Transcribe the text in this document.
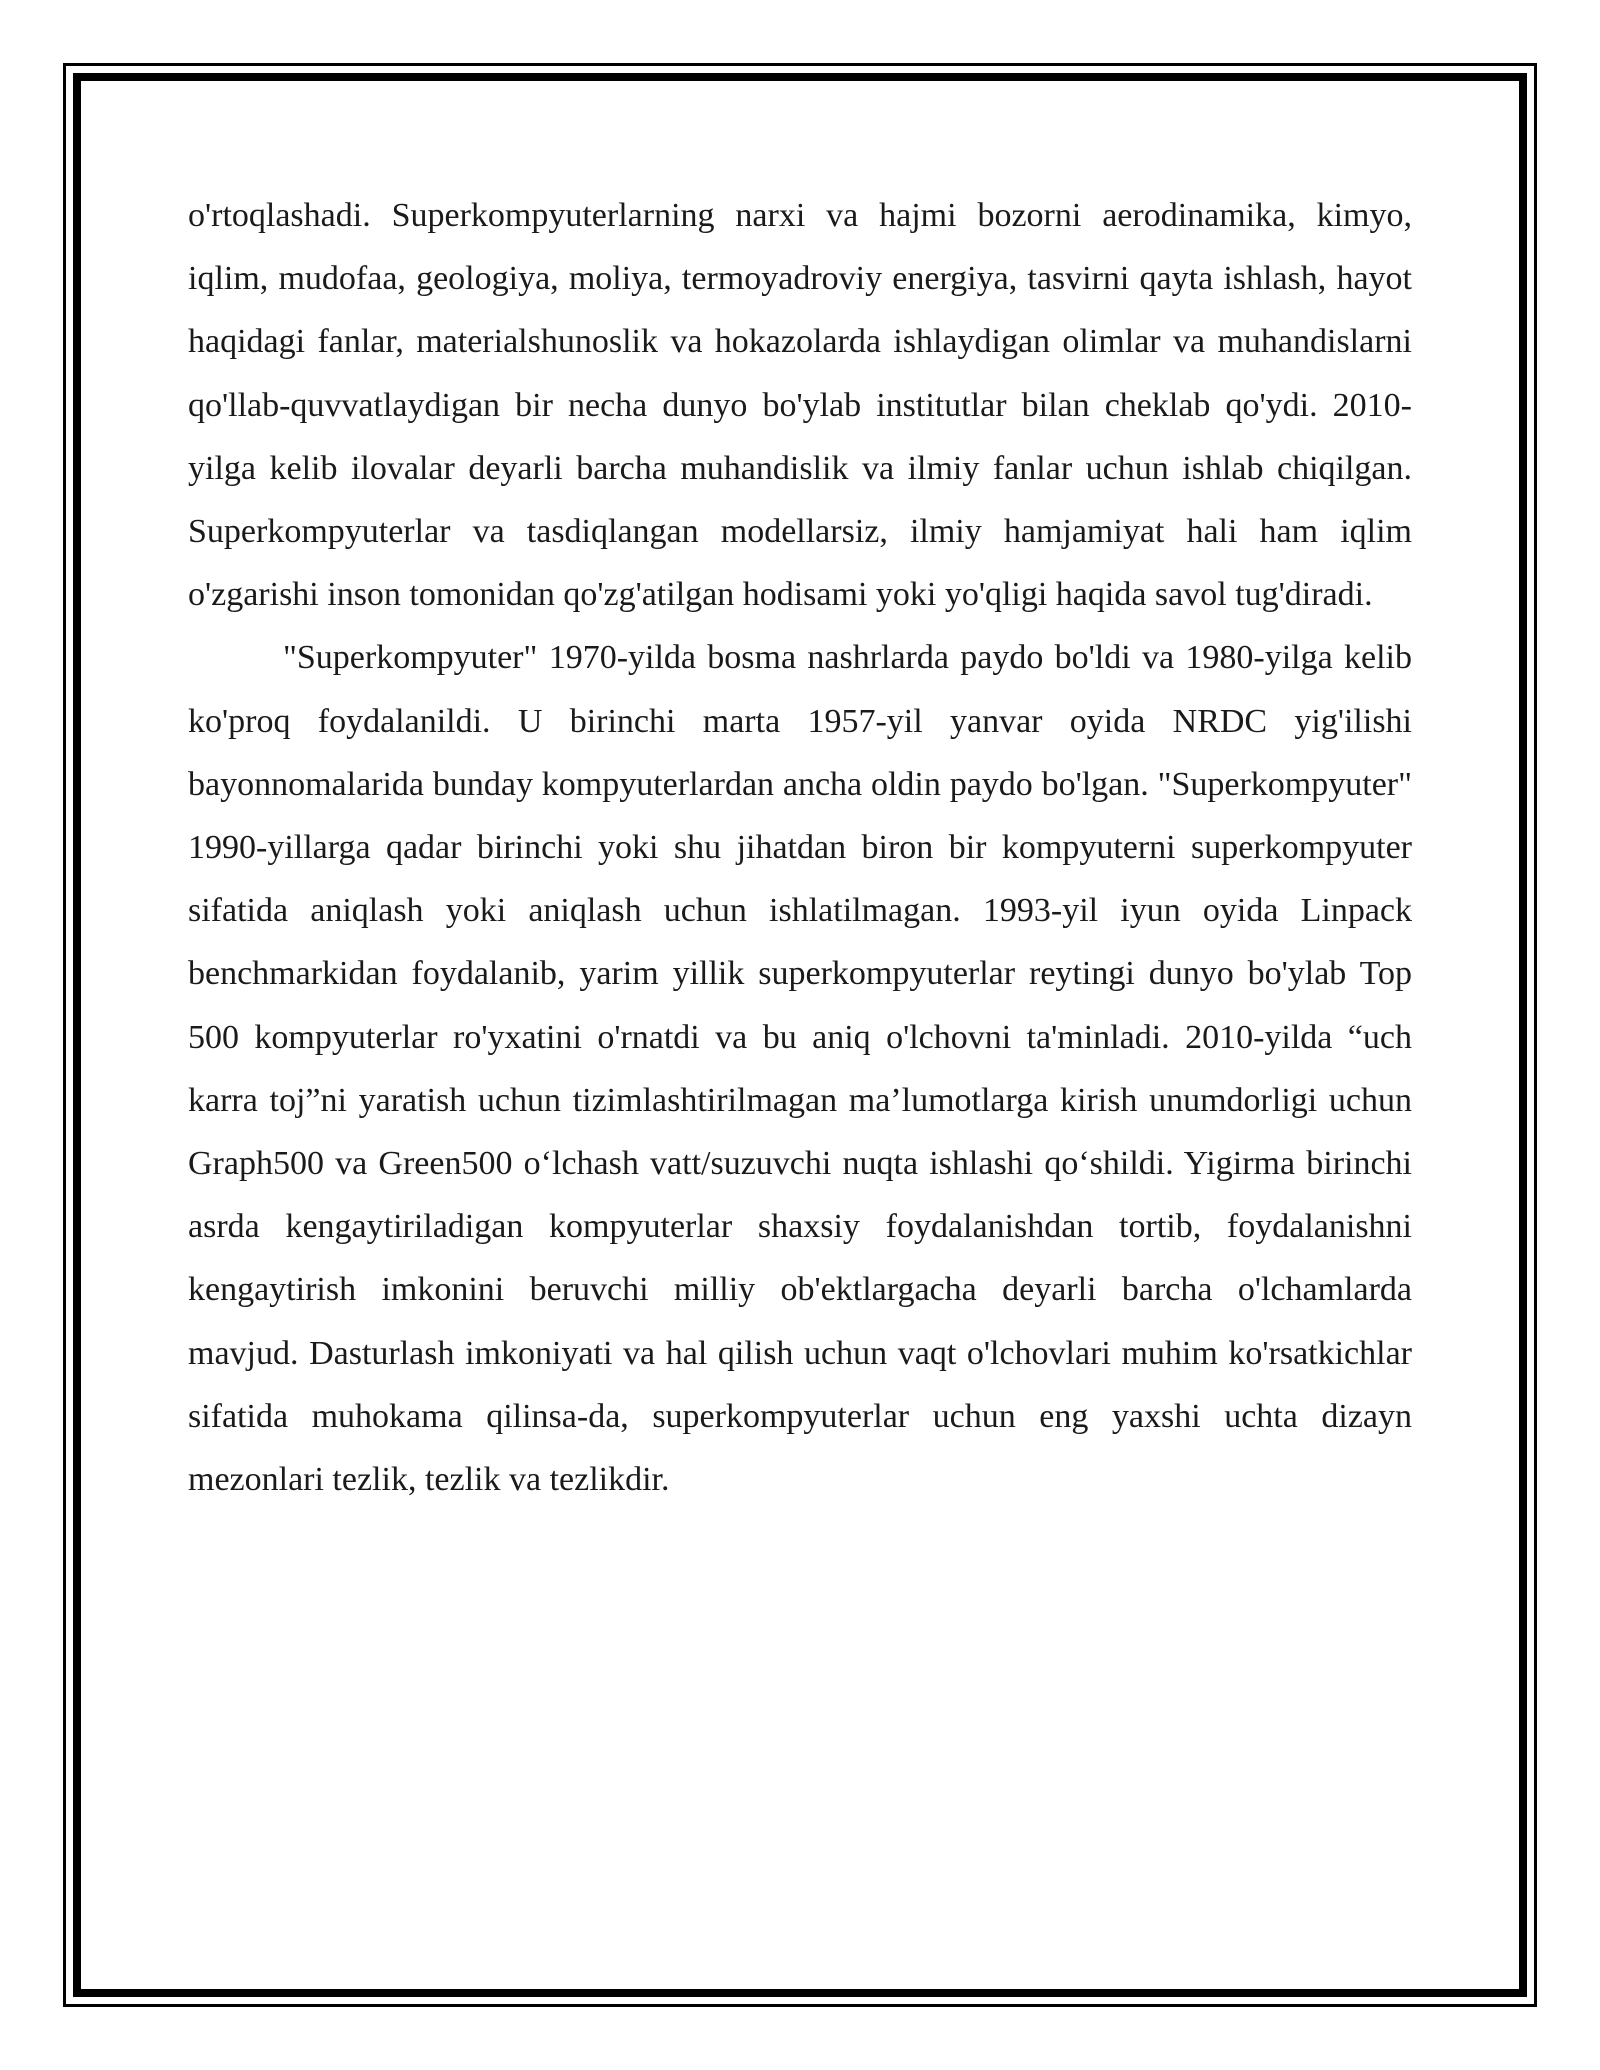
o'rtoqlashadi. Superkompyuterlarning narxi va hajmi bozorni aerodinamika, kimyo, iqlim, mudofaa, geologiya, moliya, termoyadroviy energiya, tasvirni qayta ishlash, hayot haqidagi fanlar, materialshunoslik va hokazolarda ishlaydigan olimlar va muhandislarni qo'llab-quvvatlaydigan bir necha dunyo bo'ylab institutlar bilan cheklab qo'ydi. 2010-yilga kelib ilovalar deyarli barcha muhandislik va ilmiy fanlar uchun ishlab chiqilgan. Superkompyuterlar va tasdiqlangan modellarsiz, ilmiy hamjamiyat hali ham iqlim o'zgarishi inson tomonidan qo'zg'atilgan hodisami yoki yo'qligi haqida savol tug'diradi.

"Superkompyuter" 1970-yilda bosma nashrlarda paydo bo'ldi va 1980-yilga kelib ko'proq foydalanildi. U birinchi marta 1957-yil yanvar oyida NRDC yig'ilishi bayonnomalarida bunday kompyuterlardan ancha oldin paydo bo'lgan. "Superkompyuter" 1990-yillarga qadar birinchi yoki shu jihatdan biron bir kompyuterni superkompyuter sifatida aniqlash yoki aniqlash uchun ishlatilmagan. 1993-yil iyun oyida Linpack benchmarkidan foydalanib, yarim yillik superkompyuterlar reytingi dunyo bo'ylab Top 500 kompyuterlar ro'yxatini o'rnatdi va bu aniq o'lchovni ta'minladi. 2010-yilda “uch karra toj”ni yaratish uchun tizimlashtirilmagan ma’lumotlarga kirish unumdorligi uchun Graph500 va Green500 o‘lchash vatt/suzuvchi nuqta ishlashi qo‘shildi. Yigirma birinchi asrda kengaytiriladigan kompyuterlar shaxsiy foydalanishdan tortib, foydalanishni kengaytirish imkonini beruvchi milliy ob'ektlargacha deyarli barcha o'lchamlarda mavjud. Dasturlash imkoniyati va hal qilish uchun vaqt o'lchovlari muhim ko'rsatkichlar sifatida muhokama qilinsa-da, superkompyuterlar uchun eng yaxshi uchta dizayn mezonlari tezlik, tezlik va tezlikdir.
